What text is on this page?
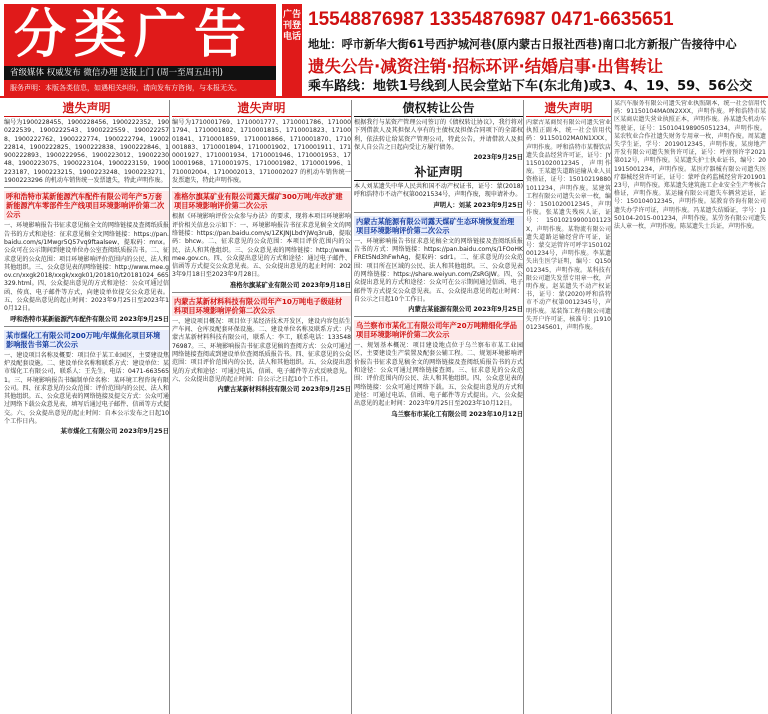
分类广告
省级媒体 权威发布 微信办理 送报上门 (周一至周五出刊)
服务声明：本版各类信息，如遇相关纠纷，请向发布方咨询，与本报无关。
广告刊登电话
15548876987 13354876987 0471-6635651
地址：呼市新华大街61号西护城河巷(原内蒙古日报社西巷)南口北方新报广告接待中心
遗失公告·减资注销·招标环评·结婚启事·出售转让
乘车路线：地铁1号线到人民会堂站下车(东北角)或3、4、19、59、56公交
遗失声明
编号为1900228455、1900228456、1900222352、1900222539、1900222543、1900222559、1900222578、1900222762、1900222774、1900222794、1900222814、1900222825、1900222838、1900222846、1900222893、1900222956、1900223012、1900223048、1900223075、1900223104、1900223159、1900223187、1900223215、1900223248、1900223271、1900223296 的机动车销售统一发票遗失，特此声明作废。
呼和浩特市某新能源汽车配件有限公司年产5万套新能源汽车零部件生产线项目环境影响评价第二次公示
一、环境影响报告书征求意见稿全文的网络链接及查阅纸质报告书的方式和途径：征求意见稿全文网络链接：https://pan.baidu.com/s/1Mwgr5Q57vq9ftaalsew，提取码：mnx。公众可在公示期间到建设单位办公室查阅纸质报告书。二、征求意见的公众范围：项目环境影响评价范围内的公民、法人和其他组织。三、公众意见表的网络链接：http://www.mee.gov.cn/xxgk2018/xxgk/xxgk01/201810/t20181024_665329.html。四、公众提出意见的方式和途径：公众可通过信函、传真、电子邮件等方式，向建设单位提交公众意见表。五、公众提出意见的起止时间：2023年9月25日至2023年10月12日。
呼和浩特市某新能源汽车配件有限公司 2023年9月25日
某市煤化工有限公司200万吨/年煤焦化项目环境影响报告书第二次公示
一、建设项目名称及概要：项目位于某工业园区，主要建设焦炉及配套设施。二、建设单位名称和联系方式：建设单位：某市煤化工有限公司，联系人：王先生，电话：0471-6635651。三、环境影响报告书编制单位名称：某环境工程咨询有限公司。四、征求意见的公众范围：评价范围内的公民、法人和其他组织。五、公众意见表的网络链接及提交方式：公众可通过网络下载公众意见表，填写后通过电子邮件、信函等方式提交。六、公众提出意见的起止时间：自本公示发布之日起10个工作日内。
某市煤化工有限公司 2023年9月25日
遗失声明
编号为1710001769、1710001777、1710001786、1710001794、1710001802、1710001815、1710001823、1710001841、1710001859、1710001866、1710001870、1710001883、1710001894、1710001902、1710001911、1710001927、1710001934、1710001946、1710001953、1710001968、1710001975、1710001982、1710001996、1710002004、1710002013、1710002027 的机动车销售统一发票遗失，特此声明作废。
准格尔旗某矿业有限公司露天煤矿300万吨/年改扩建项目环境影响评价第二次公示
根据《环境影响评价公众参与办法》的要求，现将本项目环境影响评价相关信息公示如下：一、环境影响报告书征求意见稿全文的网络链接：https://pan.baidu.com/s/1ZKJNJLbdYjWq3ruB，提取码：bhcw。二、征求意见的公众范围：本项目评价范围内的公民、法人和其他组织。三、公众意见表的网络链接：http://www.mee.gov.cn。四、公众提出意见的方式和途径：通过电子邮件、信函等方式提交公众意见表。五、公众提出意见的起止时间：2023年9月18日至2023年9月28日。
准格尔旗某矿业有限公司 2023年9月18日
内蒙古某新材料科技有限公司年产10万吨电子级硅材料项目环境影响评价第二次公示
一、建设项目概况：项目位于某经济技术开发区，建设内容包括生产车间、仓库及配套环保设施。二、建设单位名称及联系方式：内蒙古某新材料科技有限公司，联系人：李工，联系电话：13354876987。三、环境影响报告书征求意见稿的查阅方式：公众可通过网络链接查阅或到建设单位查阅纸质报告书。四、征求意见的公众范围：项目评价范围内的公民、法人和其他组织。五、公众提出意见的方式和途径：可通过电话、信函、电子邮件等方式反映意见。六、公众提出意见的起止时间：自公示之日起10个工作日。
内蒙古某新材料科技有限公司 2023年9月25日
债权转让公告
根据我行与某资产管理公司签订的《债权转让协议》，我行将对下列借款人及其担保人享有的主债权及担保合同项下的全部权利，依法转让给某资产管理公司，特此公告，并请借款人及担保人自公告之日起向受让方履行债务。
2023年9月25日
补证声明
本人刘某遗失中华人民共和国不动产权证书，证号：蒙(2018)呼和浩特市不动产权第0021534号，声明作废，现申请补办。
声明人：刘某 2023年9月25日
内蒙古某能源有限公司露天煤矿生态环境恢复治理项目环境影响评价第二次公示
一、环境影响报告书征求意见稿全文的网络链接及查阅纸质报告书的方式：网络链接：https://pan.baidu.com/s/1FOoHKFREt5Nd3hFwhAg，提取码：sdr1。二、征求意见的公众范围：项目所在区域的公民、法人和其他组织。三、公众意见表的网络链接：https://share.weiyun.com/ZsRGJW。四、公众提出意见的方式和途径：公众可在公示期间通过信函、电子邮件等方式提交公众意见表。五、公众提出意见的起止时间：自公示之日起10个工作日。
内蒙古某能源有限公司 2023年9月25日
乌兰察布市某化工有限公司年产20万吨精细化学品项目环境影响评价第二次公示
一、规划基本概况：项目建设地点位于乌兰察布市某工业园区，主要建设生产装置及配套公辅工程。二、规划环境影响评价报告书征求意见稿全文的网络链接及查阅纸质报告书的方式和途径：公众可通过网络链接查阅。三、征求意见的公众范围：评价范围内的公民、法人和其他组织。四、公众意见表的网络链接：公众可通过网络下载。五、公众提出意见的方式和途径：可通过电话、信函、电子邮件等方式提出。六、公众提出意见的起止时间：2023年9月25日至2023年10月12日。
乌兰察布市某化工有限公司 2023年10月12日
遗失声明
内蒙古某商贸有限公司遗失营业执照正副本，统一社会信用代码：91150102MA0N1XXX，声明作废。呼和浩特市某餐饮店遗失食品经营许可证，证号：JY11501020012345，声明作废。王某遗失道路运输从业人员资格证，证号：150102198801011234，声明作废。某建筑工程有限公司遗失公章一枚，编号：1501020012345，声明作废。张某遗失残疾人证，证号：15010219900101123X，声明作废。某物流有限公司遗失道路运输经营许可证，证号：蒙交运管许可呼字150102001234号，声明作废。李某遗失出生医学证明，编号：Q150012345，声明作废。某科技有限公司遗失发票专用章一枚，声明作废。赵某遗失不动产权证书，证号：蒙(2020)呼和浩特市不动产权第0012345号，声明作废。某装饰工程有限公司遗失开户许可证，核准号：J1910012345601，声明作废。
某汽车服务有限公司遗失营业执照副本，统一社会信用代码：91150104MA0N2XXX，声明作废。呼和浩特市某区某商店遗失营业执照正本，声明作废。孙某遗失机动车驾驶证，证号：150104198905051234，声明作废。某农牧业合作社遗失财务专用章一枚，声明作废。周某遗失学生证，学号：2019012345，声明作废。某房地产开发有限公司遗失预售许可证，证号：呼房预许字2021第012号，声明作废。吴某遗失护士执业证书，编号：201915001234，声明作废。某医疗器械有限公司遗失医疗器械经营许可证，证号：蒙呼食药监械经营许20190123号，声明作废。郑某遗失建筑施工企业安全生产考核合格证，声明作废。某运输有限公司遗失车辆营运证，证号：150104012345，声明作废。某教育咨询有限公司遗失办学许可证，声明作废。冯某遗失结婚证，字号：J150104-2015-001234，声明作废。某劳务有限公司遗失法人章一枚，声明作废。陈某遗失士兵证，声明作废。
